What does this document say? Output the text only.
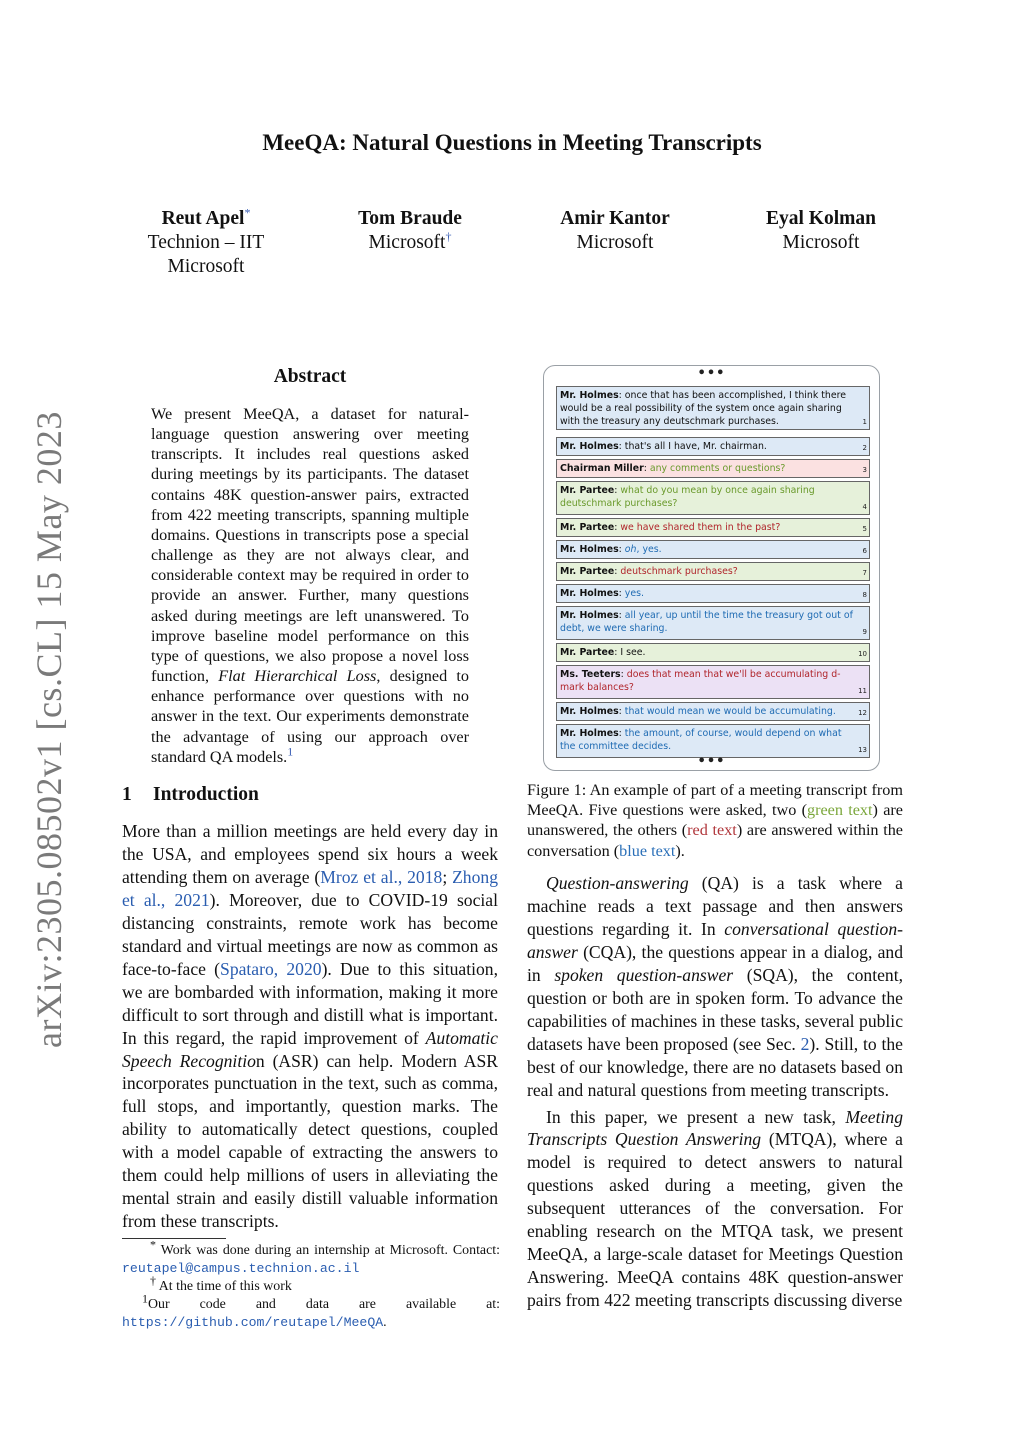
arXiv:2305.08502v1 [cs.CL] 15 May 2023
MeeQA: Natural Questions in Meeting Transcripts
Reut Apel*
Technion – IIT
Microsoft
Tom Braude
Microsoft†
Amir Kantor
Microsoft
Eyal Kolman
Microsoft
Abstract
We present MeeQA, a dataset for natural-language question answering over meeting transcripts. It includes real questions asked during meetings by its participants. The dataset contains 48K question-answer pairs, extracted from 422 meeting transcripts, spanning multiple domains. Questions in transcripts pose a special challenge as they are not always clear, and considerable context may be required in order to provide an answer. Further, many questions asked during meetings are left unanswered. To improve baseline model performance on this type of questions, we also propose a novel loss function, Flat Hierarchical Loss, designed to enhance performance over questions with no answer in the text. Our experiments demonstrate the advantage of using our approach over standard QA models.$^1$
1 Introduction

More than a million meetings are held every day in the USA, and employees spend six hours a week attending them on average (Mroz et al., 2018; Zhong et al., 2021). Moreover, due to COVID-19 social distancing constraints, remote work has become standard and virtual meetings are now as common as face-to-face (Spataro, 2020). Due to this situation, we are bombarded with information, making it more difficult to sort through and distill what is important. In this regard, the rapid improvement of Automatic Speech Recognition (ASR) can help. Modern ASR incorporates punctuation in the text, such as comma, full stops, and importantly, question marks. The ability to automatically detect questions, coupled with a model capable of extracting the answers to them could help millions of users in alleviating the mental strain and easily distill valuable information from these transcripts.

* Work was done during an internship at Microsoft. Contact: reutapel@campus.technion.ac.il

† At the time of this work

1Our code and data are available at:

https://github.com/reutapel/MeeQA.

•••
Mr. Holmes: once that has been accomplished, I think there would be a real possibility of the system once again sharing with the treasury any deutschmark purchases.	1
Mr. Holmes: that's all I have, Mr. chairman.	2
Chairman Miller: any comments or questions?	3
Mr. Partee: what do you mean by once again sharing deutschmark purchases?	4
Mr. Partee: we have shared them in the past?	5
Mr. Holmes: oh, yes.	6
Mr. Partee: deutschmark purchases?	7
Mr. Holmes: yes.	8
Mr. Holmes: all year, up until the time the treasury got out of debt, we were sharing.	9
Mr. Partee: I see.	10
Ms. Teeters: does that mean that we'll be accumulating d-mark balances?	11
Mr. Holmes: that would mean we would be accumulating.	12
Mr. Holmes: the amount, of course, would depend on what the committee decides.	13
•••
Figure 1: An example of part of a meeting transcript from MeeQA. Five questions were asked, two (green text) are unanswered, the others (red text) are answered within the conversation (blue text).

Question-answering (QA) is a task where a machine reads a text passage and then answers questions regarding it. In conversational question-answer (CQA), the questions appear in a dialog, and in spoken question-answer (SQA), the content, question or both are in spoken form. To advance the capabilities of machines in these tasks, several public datasets have been proposed (see Sec. 2). Still, to the best of our knowledge, there are no datasets based on real and natural questions from meeting transcripts.

In this paper, we present a new task, Meeting Transcripts Question Answering (MTQA), where a model is required to detect answers to natural questions asked during a meeting, given the subsequent utterances of the conversation. For enabling research on the MTQA task, we present MeeQA, a large-scale dataset for Meetings Question Answering. MeeQA contains 48K question-answer pairs from 422 meeting transcripts discussing diverse
